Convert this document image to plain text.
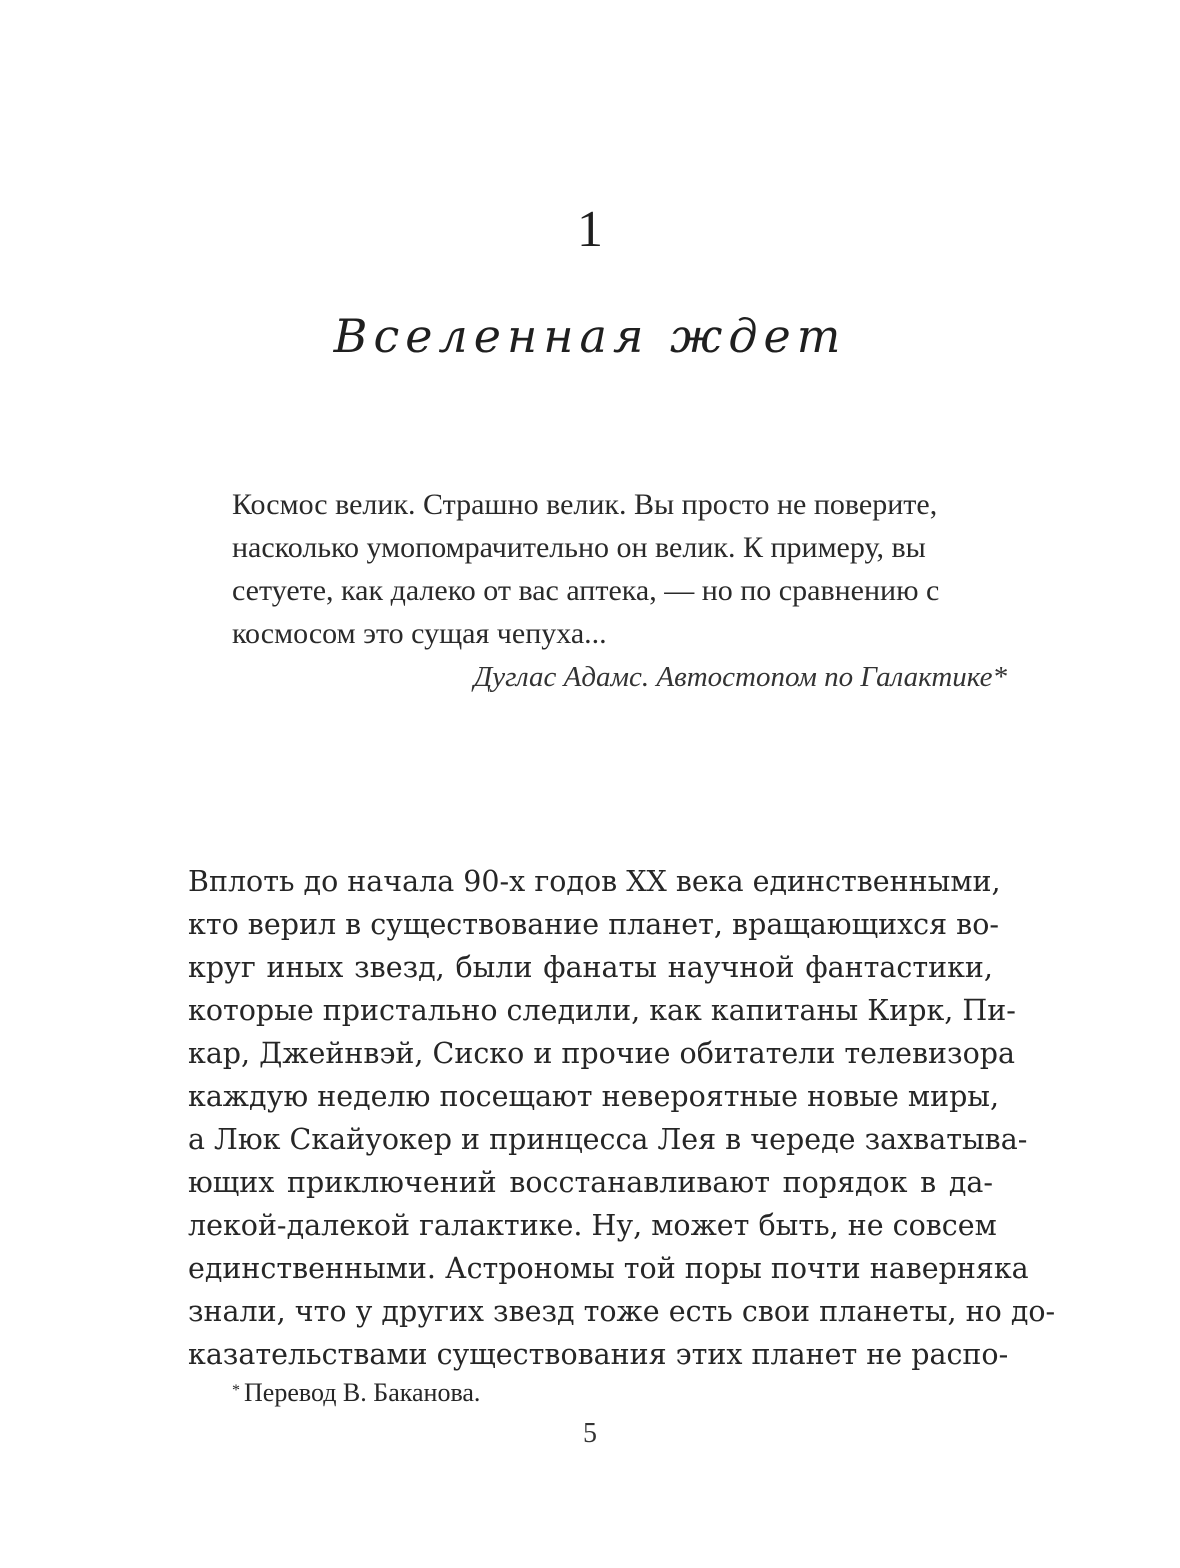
1
Вселенная ждет

Космос велик. Страшно велик. Вы просто не поверите,
насколько умопомрачительно он велик. К примеру, вы
сетуете, как далеко от вас аптека, — но по сравнению с
космосом это сущая чепуха...

Дуглас Адамс. Автостопом по Галактике*

Вплоть до начала 90-х годов XX века единственными,
кто верил в существование планет, вращающихся во-
круг иных звезд, были фанаты научной фантастики,
которые пристально следили, как капитаны Кирк, Пи-
кар, Джейнвэй, Сиско и прочие обитатели телевизора
каждую неделю посещают невероятные новые миры,
а Люк Скайуокер и принцесса Лея в череде захватыва-
ющих приключений восстанавливают порядок в да-
лекой-далекой галактике. Ну, может быть, не совсем
единственными. Астрономы той поры почти наверняка
знали, что у других звезд тоже есть свои планеты, но до-
казательствами существования этих планет не распо-
* Перевод В. Баканова.
5
